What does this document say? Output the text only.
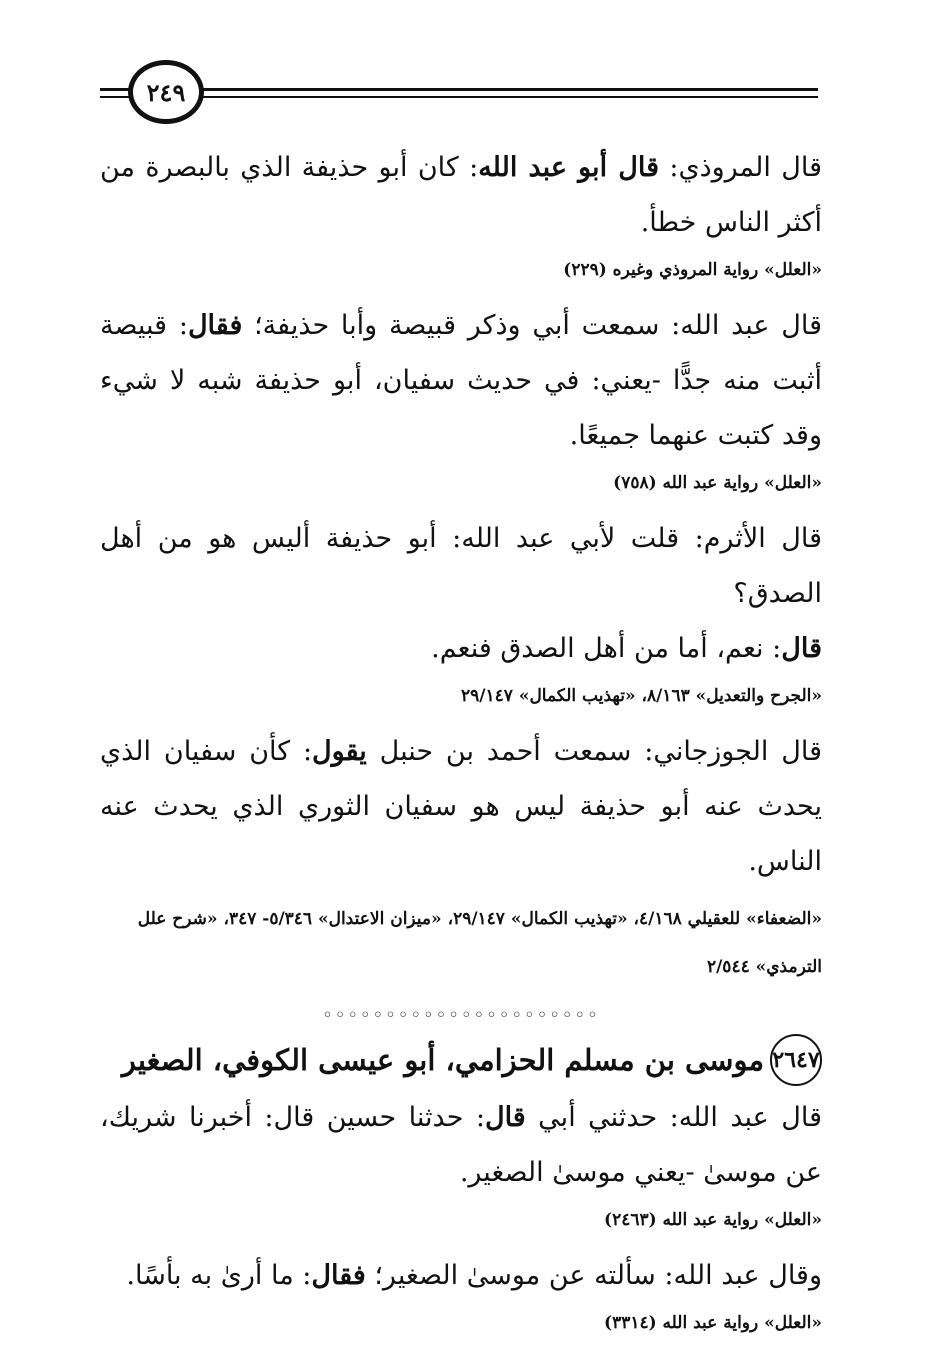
٢٤٩

قال المروذي: قال أبو عبد الله: كان أبو حذيفة الذي بالبصرة من أكثر الناس خطأ.

«العلل» رواية المروذي وغيره (٢٢٩)

قال عبد الله: سمعت أبي وذكر قبيصة وأبا حذيفة؛ فقال: قبيصة أثبت منه جدًّا -يعني: في حديث سفيان، أبو حذيفة شبه لا شيء وقد كتبت عنهما جميعًا.

«العلل» رواية عبد الله (٧٥٨)

قال الأثرم: قلت لأبي عبد الله: أبو حذيفة أليس هو من أهل الصدق؟
قال: نعم، أما من أهل الصدق فنعم.

«الجرح والتعديل» ٨/١٦٣، «تهذيب الكمال» ٢٩/١٤٧

قال الجوزجاني: سمعت أحمد بن حنبل يقول: كأن سفيان الذي يحدث عنه أبو حذيفة ليس هو سفيان الثوري الذي يحدث عنه الناس.

«الضعفاء» للعقيلي ٤/١٦٨، «تهذيب الكمال» ٢٩/١٤٧، «ميزان الاعتدال» ٥/٣٤٦- ٣٤٧، «شرح علل الترمذي» ٢/٥٤٤
◦◦◦◦◦◦◦◦◦◦◦◦◦◦◦◦◦◦◦◦◦◦
٢٦٤٧
موسى بن مسلم الحزامي، أبو عيسى الكوفي، الصغير

قال عبد الله: حدثني أبي قال: حدثنا حسين قال: أخبرنا شريك، عن موسىٰ -يعني موسىٰ الصغير.

«العلل» رواية عبد الله (٢٤٦٣)

وقال عبد الله: سألته عن موسىٰ الصغير؛ فقال: ما أرىٰ به بأسًا.

«العلل» رواية عبد الله (٣٣١٤)
